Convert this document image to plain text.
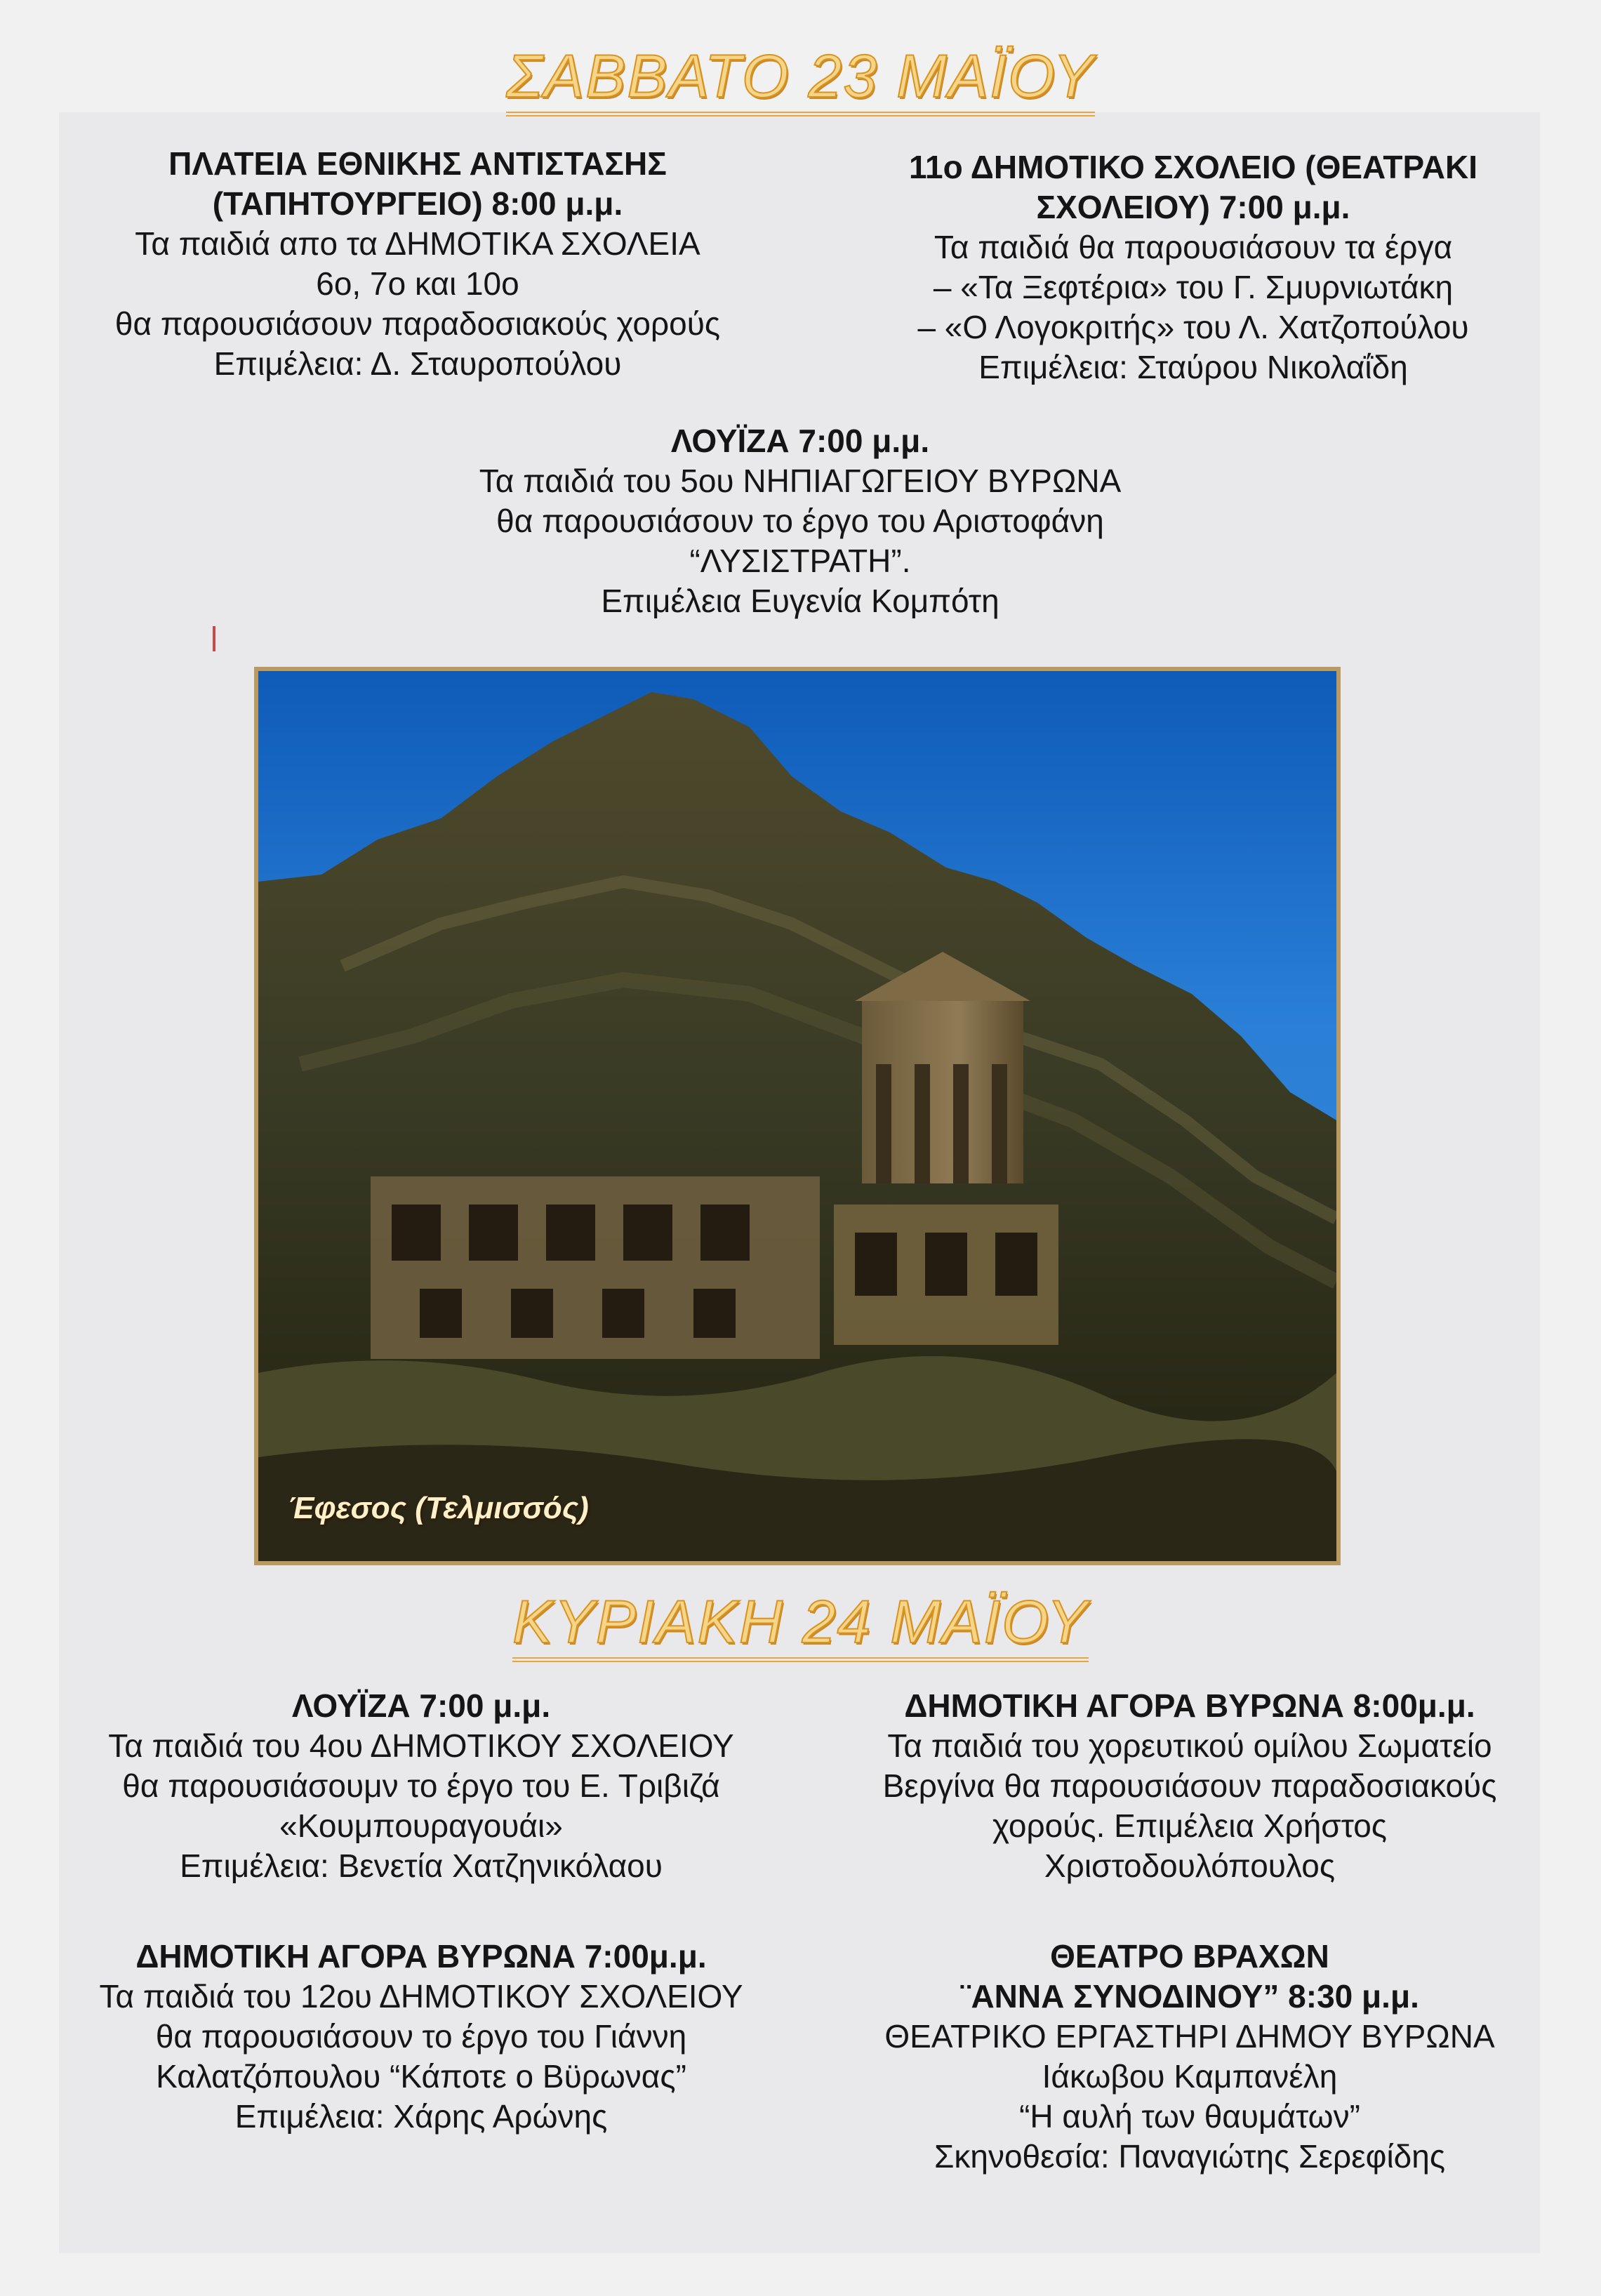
ΣΑΒΒΑΤΟ 23 ΜΑΪΟΥ

ΠΛΑΤΕΙΑ ΕΘΝΙΚΗΣ ΑΝΤΙΣΤΑΣΗΣ

(ΤΑΠΗΤΟΥΡΓΕΙΟ) 8:00 μ.μ.

Τα παιδιά απο τα ΔΗΜΟΤΙΚΑ ΣΧΟΛΕΙΑ

6ο, 7ο και 10ο

θα παρουσιάσουν παραδοσιακούς χορούς

Επιμέλεια: Δ. Σταυροπούλου

11ο ΔΗΜΟΤΙΚΟ ΣΧΟΛΕΙΟ (ΘΕΑΤΡΑΚΙ

ΣΧΟΛΕΙΟΥ) 7:00 μ.μ.

Τα παιδιά θα παρουσιάσουν τα έργα

– «Τα Ξεφτέρια» του Γ. Σμυρνιωτάκη

– «Ο Λογοκριτής» του Λ. Χατζοπούλου

Επιμέλεια: Σταύρου Νικολαΐδη

ΛΟΥΪΖΑ 7:00 μ.μ.

Τα παιδιά του 5ου ΝΗΠΙΑΓΩΓΕΙΟΥ ΒΥΡΩΝΑ

θα παρουσιάσουν το έργο του Αριστοφάνη

“ΛΥΣΙΣΤΡΑΤΗ”.

Επιμέλεια Ευγενία Κομπότη

Έφεσος (Τελμισσός)
ΚΥΡΙΑΚΗ 24 ΜΑΪΟΥ

ΛΟΥΪΖΑ 7:00 μ.μ.

Τα παιδιά του 4ου ΔΗΜΟΤΙΚΟΥ ΣΧΟΛΕΙΟΥ

θα παρουσιάσουμν το έργο του Ε. Τριβιζά

«Κουμπουραγουάι»

Επιμέλεια: Βενετία Χατζηνικόλαου

ΔΗΜΟΤΙΚΗ ΑΓΟΡΑ ΒΥΡΩΝΑ 8:00μ.μ.

Τα παιδιά του χορευτικού ομίλου Σωματείο

Βεργίνα θα παρουσιάσουν παραδοσιακούς

χορούς. Επιμέλεια Χρήστος

Χριστοδουλόπουλος

ΔΗΜΟΤΙΚΗ ΑΓΟΡΑ ΒΥΡΩΝΑ 7:00μ.μ.

Τα παιδιά του 12ου ΔΗΜΟΤΙΚΟΥ ΣΧΟΛΕΙΟΥ

θα παρουσιάσουν το έργο του Γιάννη

Καλατζόπουλου “Κάποτε ο Βϋρωνας”

Επιμέλεια: Χάρης Αρώνης

ΘΕΑΤΡΟ ΒΡΑΧΩΝ

¨ΑΝΝΑ ΣΥΝΟΔΙΝΟΥ” 8:30 μ.μ.

ΘΕΑΤΡΙΚΟ ΕΡΓΑΣΤΗΡΙ ΔΗΜΟΥ ΒΥΡΩΝΑ

Ιάκωβου Καμπανέλη

“Η αυλή των θαυμάτων”

Σκηνοθεσία: Παναγιώτης Σερεφίδης
